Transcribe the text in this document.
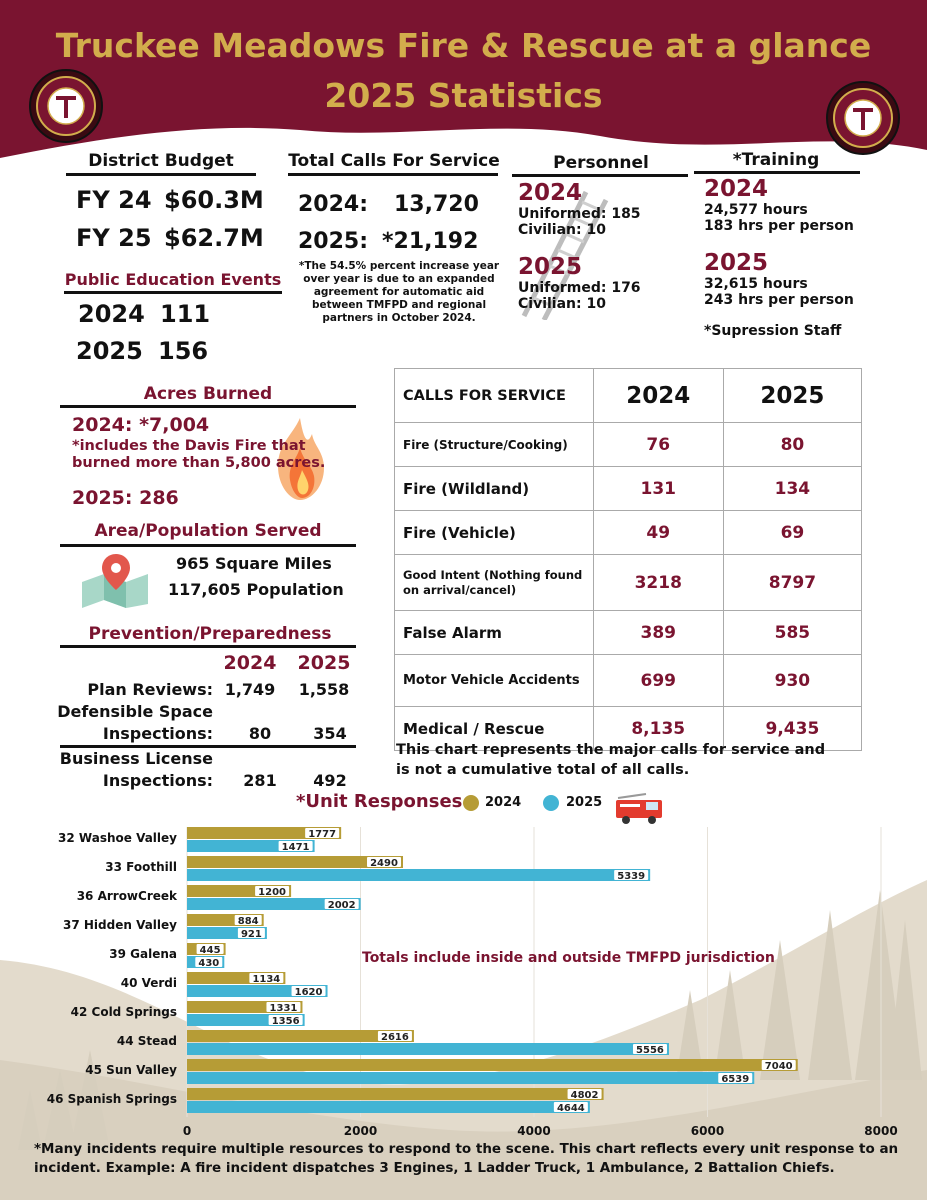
Truckee Meadows Fire & Rescue at a glance
2025 Statistics
District Budget
FY 24 $60.3M
FY 25 $62.7M
Public Education Events
2024 111
2025 156
Total Calls For Service
2024: 13,720
2025: *21,192
*The 54.5% percent increase year over year is due to an expanded agreement for automatic aid between TMFPD and regional partners in October 2024.
Personnel
2024
Uniformed: 185
Civilian: 10
2025
Uniformed: 176
Civilian: 10
*Training
2024
24,577 hours
183 hrs per person
2025
32,615 hours
243 hrs per person
*Supression Staff
Acres Burned
2024: *7,004
*includes the Davis Fire that burned more than 5,800 acres.
2025: 286
Area/Population Served
965 Square Miles
117,605 Population
Prevention/Preparedness
2024 2025
Plan Reviews: 1,749 1,558
Defensible Space
Inspections:	80	354
Business License
Inspections:	281	492
CALLS FOR SERVICE	2024	2025
Fire (Structure/Cooking)	76	80
Fire (Wildland)	131	134
Fire (Vehicle)	49	69
Good Intent (Nothing found on arrival/cancel)	3218	8797
False Alarm	389	585
Motor Vehicle Accidents	699	930
Medical / Rescue	8,135	9,435
This chart represents the major calls for service and is not a cumulative total of all calls.
*Unit Responses 2024	2025
32 Washoe Valley	1777
1471
33 Foothill	2490
5339
36 ArrowCreek	1200
2002
37 Hidden Valley	884
921
39 Galena 445
430
40 Verdi	1134
1620
42 Cold Springs	1331
1356
44 Stead	2616
5556
45 Sun Valley	7040
6539
46 Spanish Springs	4802
4644
0	2000	4000	6000	8000
Totals include inside and outside TMFPD jurisdiction
*Many incidents require multiple resources to respond to the scene. This chart reflects every unit response to an incident. Example: A fire incident dispatches 3 Engines, 1 Ladder Truck, 1 Ambulance, 2 Battalion Chiefs.
